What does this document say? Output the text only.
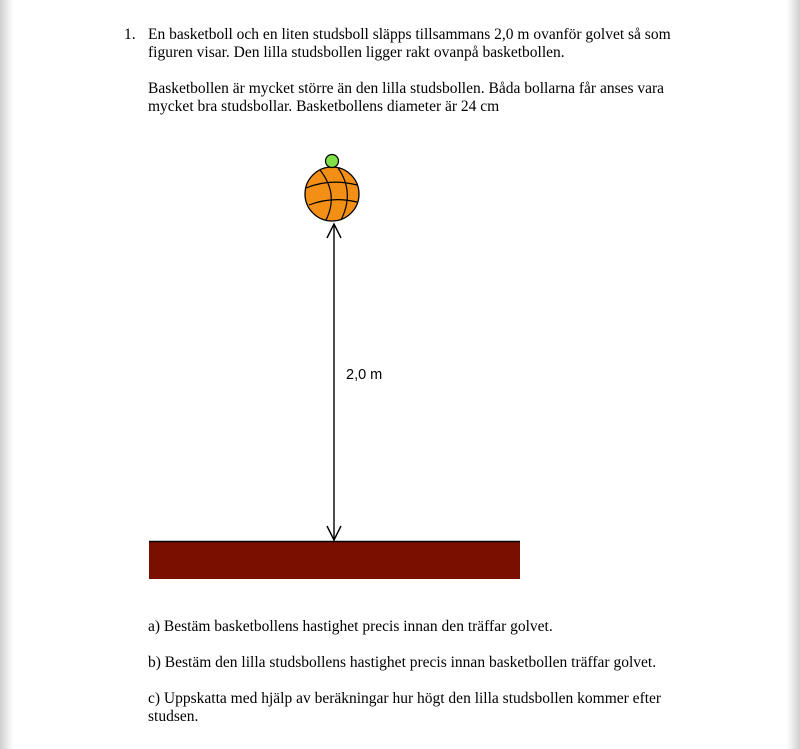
1. En basketboll och en liten studsboll släpps tillsammans 2,0 m ovanför golvet så som figuren visar. Den lilla studsbollen ligger rakt ovanpå basketbollen.

Basketbollen är mycket större än den lilla studsbollen. Båda bollarna får anses vara mycket bra studsbollar. Basketbollens diameter är 24 cm

2,0 m

a) Bestäm basketbollens hastighet precis innan den träffar golvet.

b) Bestäm den lilla studsbollens hastighet precis innan basketbollen träffar golvet.

c) Uppskatta med hjälp av beräkningar hur högt den lilla studsbollen kommer efter studsen.
